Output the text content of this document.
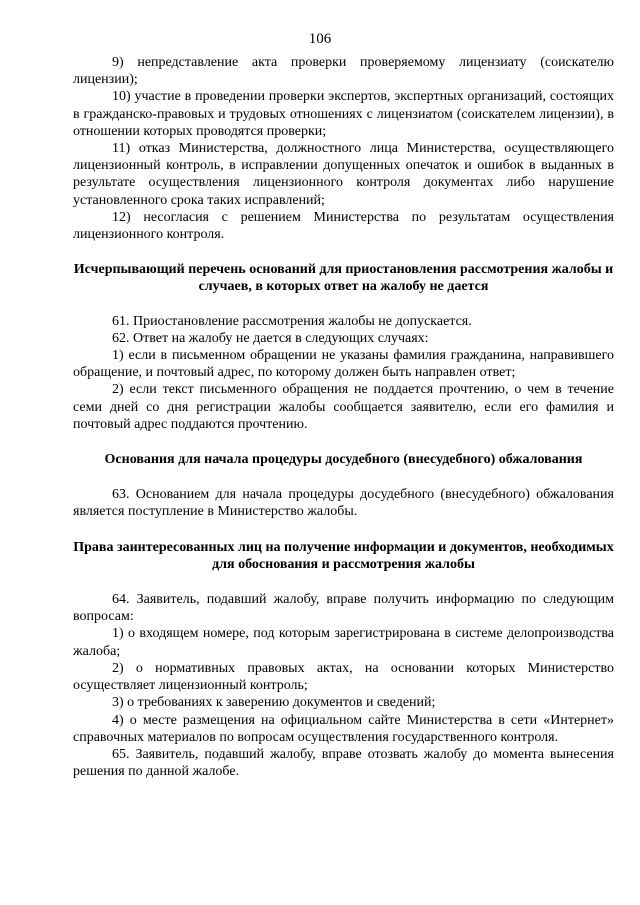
106

9) непредставление акта проверки проверяемому лицензиату (соискателю лицензии);

10) участие в проведении проверки экспертов, экспертных организаций, состоящих в гражданско-правовых и трудовых отношениях с лицензиатом (соискателем лицензии), в отношении которых проводятся проверки;

11) отказ Министерства, должностного лица Министерства, осуществляющего лицензионный контроль, в исправлении допущенных опечаток и ошибок в выданных в результате осуществления лицензионного контроля документах либо нарушение установленного срока таких исправлений;

12) несогласия с решением Министерства по результатам осуществления лицензионного контроля.

Исчерпывающий перечень оснований для приостановления рассмотрения жалобы и случаев, в которых ответ на жалобу не дается

61. Приостановление рассмотрения жалобы не допускается.

62. Ответ на жалобу не дается в следующих случаях:

1) если в письменном обращении не указаны фамилия гражданина, направившего обращение, и почтовый адрес, по которому должен быть направлен ответ;

2) если текст письменного обращения не поддается прочтению, о чем в течение семи дней со дня регистрации жалобы сообщается заявителю, если его фамилия и почтовый адрес поддаются прочтению.

Основания для начала процедуры досудебного (внесудебного) обжалования

63. Основанием для начала процедуры досудебного (внесудебного) обжалования является поступление в Министерство жалобы.

Права заинтересованных лиц на получение информации и документов, необходимых для обоснования и рассмотрения жалобы

64. Заявитель, подавший жалобу, вправе получить информацию по следующим вопросам:

1) о входящем номере, под которым зарегистрирована в системе делопроизводства жалоба;

2) о нормативных правовых актах, на основании которых Министерство осуществляет лицензионный контроль;

3) о требованиях к заверению документов и сведений;

4) о месте размещения на официальном сайте Министерства в сети «Интернет» справочных материалов по вопросам осуществления государственного контроля.

65. Заявитель, подавший жалобу, вправе отозвать жалобу до момента вынесения решения по данной жалобе.
